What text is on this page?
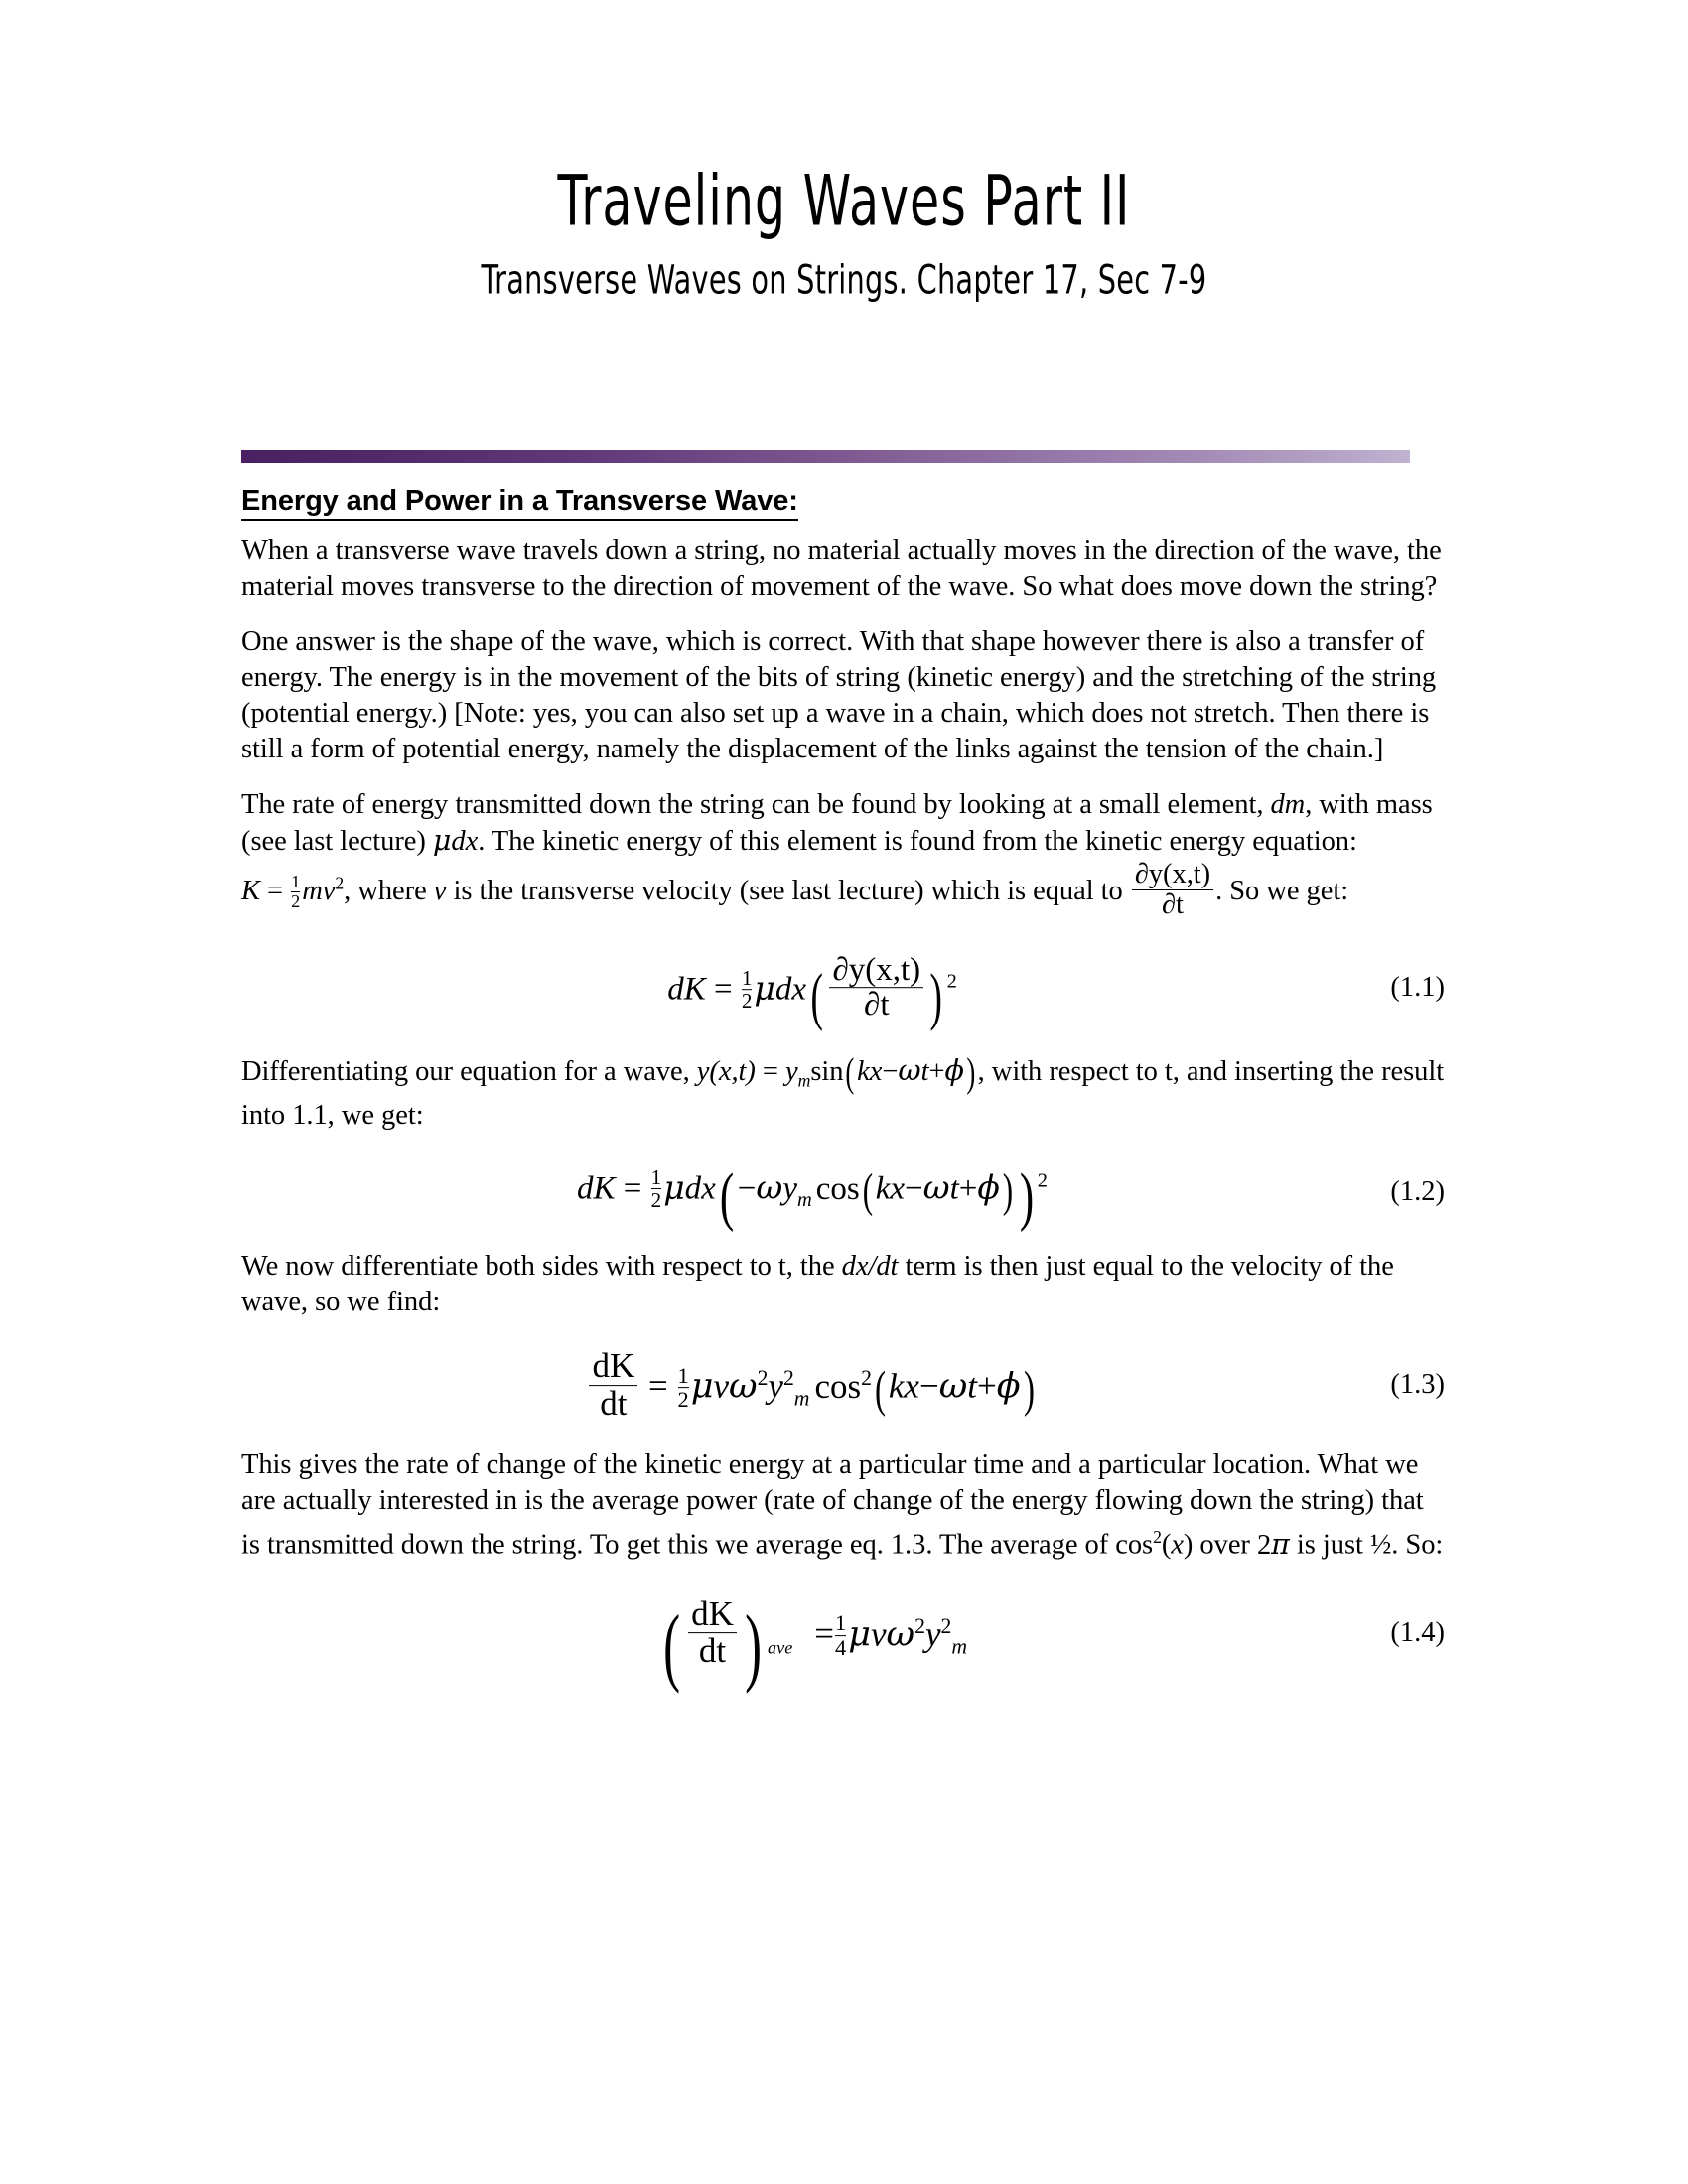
Traveling Waves Part II
Transverse Waves on Strings. Chapter 17, Sec 7-9
Energy and Power in a Transverse Wave:

When a transverse wave travels down a string, no material actually moves in the direction of the wave, the material moves transverse to the direction of movement of the wave. So what does move down the string?

One answer is the shape of the wave, which is correct. With that shape however there is also a transfer of energy. The energy is in the movement of the bits of string (kinetic energy) and the stretching of the string (potential energy.) [Note: yes, you can also set up a wave in a chain, which does not stretch. Then there is still a form of potential energy, namely the displacement of the links against the tension of the chain.]

The rate of energy transmitted down the string can be found by looking at a small element, dm, with mass (see last lecture) μdx. The kinetic energy of this element is found from the kinetic energy equation: $K = \frac{1}{2} mv^2$, where v is the transverse velocity (see last lecture) which is equal to $\frac{\partial y(x,t)}{\partial t}$ . So we get:

dK = $\frac{1}{2} \mu dx( \frac{\partial y(x,t)}{\partial t}$ ) $^2$	(1.1)

Differentiating our equation for a wave, $y(x,t) = y_m\sin(kx-\omega t+\phi)$, with respect to t, and inserting the result into 1.1, we get:

dK = $\frac{1}{2} \mu dx( -\omega y_m$ cos(kx−ωt+ϕ) ) $^2$	(1.2)

We now differentiate both sides with respect to t, the dx/dt term is then just equal to the velocity of the wave, so we find:

$\frac{dK}{dt} = \frac{1}{2} \mu v\omega^2y^2_m$ $\cos^2(kx-\omega t+\phi)$	(1.3)

This gives the rate of change of the kinetic energy at a particular time and a particular location. What we are actually interested in is the average power (rate of change of the energy flowing down the string) that is transmitted down the string. To get this we average eq. 1.3. The average of $\cos^2(x)$ over 2π is just ½. So:

( $\frac{dK}{dt}$ ) $_{ave} = \frac{1}{4} \mu v\omega^2y^2_m$	(1.4)
